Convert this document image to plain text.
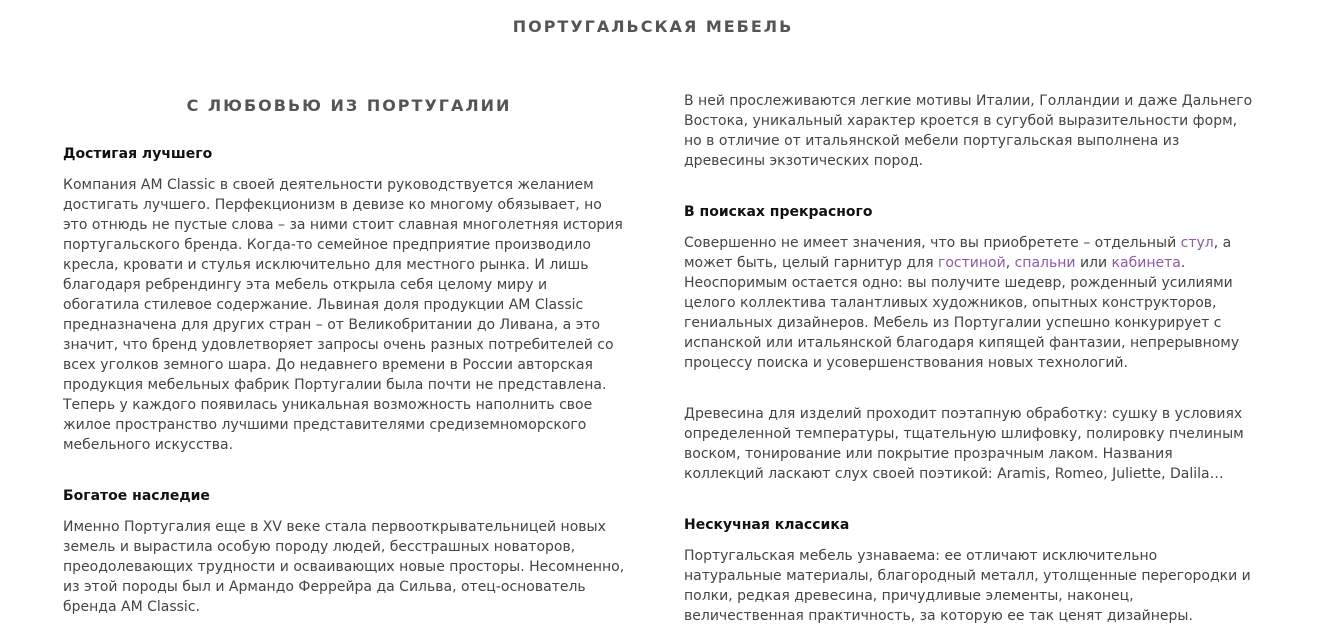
ПОРТУГАЛЬСКАЯ МЕБЕЛЬ
С ЛЮБОВЬЮ ИЗ ПОРТУГАЛИИ
Достигая лучшего

Компания AM Classic в своей деятельности руководствуется желанием достигать лучшего. Перфекционизм в девизе ко многому обязывает, но это отнюдь не пустые слова – за ними стоит славная многолетняя история португальского бренда. Когда-то семейное предприятие производило кресла, кровати и стулья исключительно для местного рынка. И лишь благодаря ребрендингу эта мебель открыла себя целому миру и обогатила стилевое содержание. Львиная доля продукции AM Classic предназначена для других стран – от Великобритании до Ливана, а это значит, что бренд удовлетворяет запросы очень разных потребителей со всех уголков земного шара. До недавнего времени в России авторская продукция мебельных фабрик Португалии была почти не представлена. Теперь у каждого появилась уникальная возможность наполнить свое жилое пространство лучшими представителями средиземноморского мебельного искусства.

Богатое наследие

Именно Португалия еще в XV веке стала первооткрывательницей новых земель и вырастила особую породу людей, бесстрашных новаторов, преодолевающих трудности и осваивающих новые просторы. Несомненно, из этой породы был и Армандо Феррейра да Сильва, отец-основатель бренда AM Classic.

В ней прослеживаются легкие мотивы Италии, Голландии и даже Дальнего Востока, уникальный характер кроется в сугубой выразительности форм, но в отличие от итальянской мебели португальская выполнена из древесины экзотических пород.

В поисках прекрасного

Совершенно не имеет значения, что вы приобретете – отдельный стул, а может быть, целый гарнитур для гостиной, спальни или кабинета. Неоспоримым остается одно: вы получите шедевр, рожденный усилиями целого коллектива талантливых художников, опытных конструкторов, гениальных дизайнеров. Мебель из Португалии успешно конкурирует с испанской или итальянской благодаря кипящей фантазии, непрерывному процессу поиска и усовершенствования новых технологий.

Древесина для изделий проходит поэтапную обработку: сушку в условиях определенной температуры, тщательную шлифовку, полировку пчелиным воском, тонирование или покрытие прозрачным лаком. Названия коллекций ласкают слух своей поэтикой: Aramis, Romeo, Juliette, Dalila…

Нескучная классика

Португальская мебель узнаваема: ее отличают исключительно натуральные материалы, благородный металл, утолщенные перегородки и полки, редкая древесина, причудливые элементы, наконец, величественная практичность, за которую ее так ценят дизайнеры.
